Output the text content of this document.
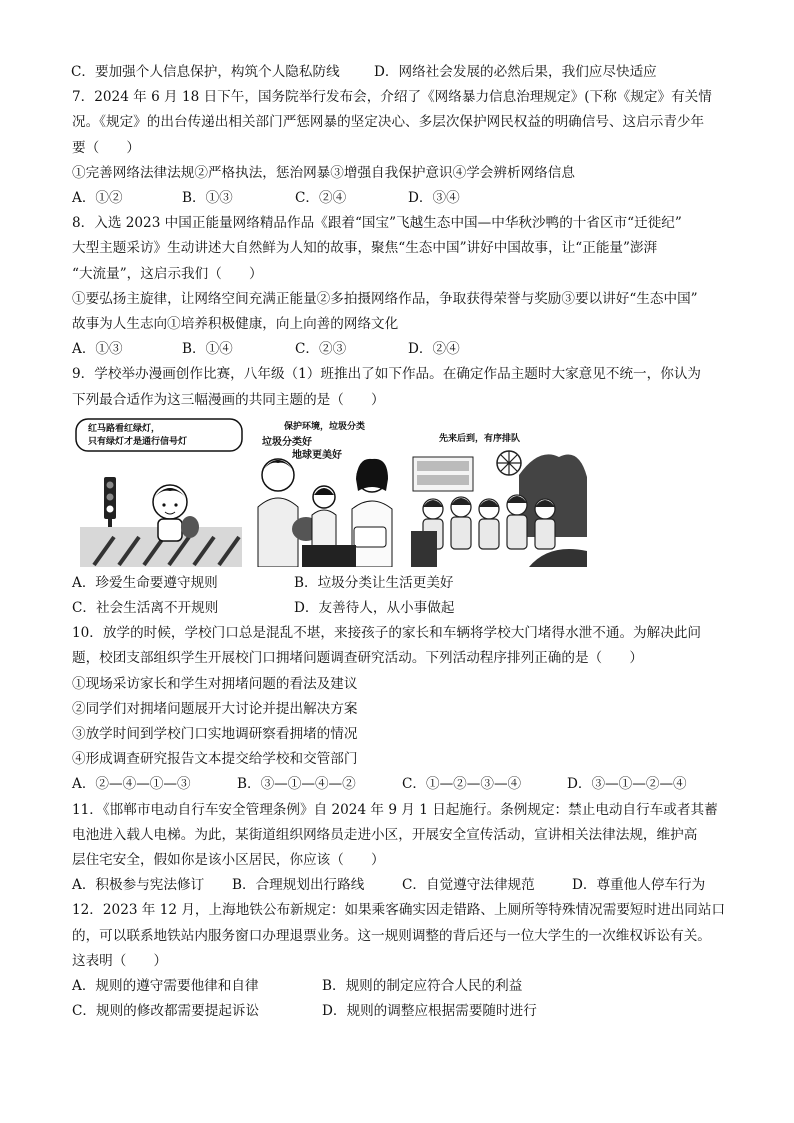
C．要加强个人信息保护，构筑个人隐私防线	D．网络社会发展的必然后果，我们应尽快适应
7．2024 年 6 月 18 日下午，国务院举行发布会，介绍了《网络暴力信息治理规定》(下称《规定》有关情
况。《规定》的出台传递出相关部门严惩网暴的坚定决心、多层次保护网民权益的明确信号、这启示青少年
要（　　）
①完善网络法律法规②严格执法，惩治网暴③增强自我保护意识④学会辨析网络信息
A．①②	B．①③	C．②④	D．③④
8．入选 2023 中国正能量网络精品作品《跟着“国宝”飞越生态中国—中华秋沙鸭的十省区市“迁徙纪”
大型主题采访》生动讲述大自然鲜为人知的故事，聚焦“生态中国”讲好中国故事，让“正能量”澎湃
“大流量”，这启示我们（　　）
①要弘扬主旋律，让网络空间充满正能量②多拍摄网络作品，争取获得荣誉与奖励③要以讲好“生态中国”
故事为人生志向①培养积极健康，向上向善的网络文化
A．①③	B．①④	C．②③	D．②④
9．学校举办漫画创作比赛，八年级（1）班推出了如下作品。在确定作品主题时大家意见不统一，你认为
下列最合适作为这三幅漫画的共同主题的是（　　）
红马路看红绿灯，
只有绿灯才是通行信号灯
保护环境，垃圾分类
垃圾分类好
地球更美好
先来后到，有序排队
A．珍爱生命要遵守规则	B．垃圾分类让生活更美好
C．社会生活离不开规则	D．友善待人，从小事做起
10．放学的时候，学校门口总是混乱不堪，来接孩子的家长和车辆将学校大门堵得水泄不通。为解决此问
题，校团支部组织学生开展校门口拥堵问题调查研究活动。下列活动程序排列正确的是（　　）
①现场采访家长和学生对拥堵问题的看法及建议
②同学们对拥堵问题展开大讨论并提出解决方案
③放学时间到学校门口实地调研察看拥堵的情况
④形成调查研究报告文本提交给学校和交管部门
A．②—④—①—③	B．③—①—④—②	C．①—②—③—④	D．③—①—②—④
11．《邯郸市电动自行车安全管理条例》自 2024 年 9 月 1 日起施行。条例规定：禁止电动自行车或者其蓄
电池进入载人电梯。为此，某街道组织网络员走进小区，开展安全宣传活动，宣讲相关法律法规，维护高
层住宅安全，假如你是该小区居民，你应该（　　）
A．积极参与宪法修订	B．合理规划出行路线	C．自觉遵守法律规范	D．尊重他人停车行为
12．2023 年 12 月，上海地铁公布新规定：如果乘客确实因走错路、上厕所等特殊情况需要短时进出同站口
的，可以联系地铁站内服务窗口办理退票业务。这一规则调整的背后还与一位大学生的一次维权诉讼有关。
这表明（　　）
A．规则的遵守需要他律和自律	B．规则的制定应符合人民的利益
C．规则的修改都需要提起诉讼	D．规则的调整应根据需要随时进行
